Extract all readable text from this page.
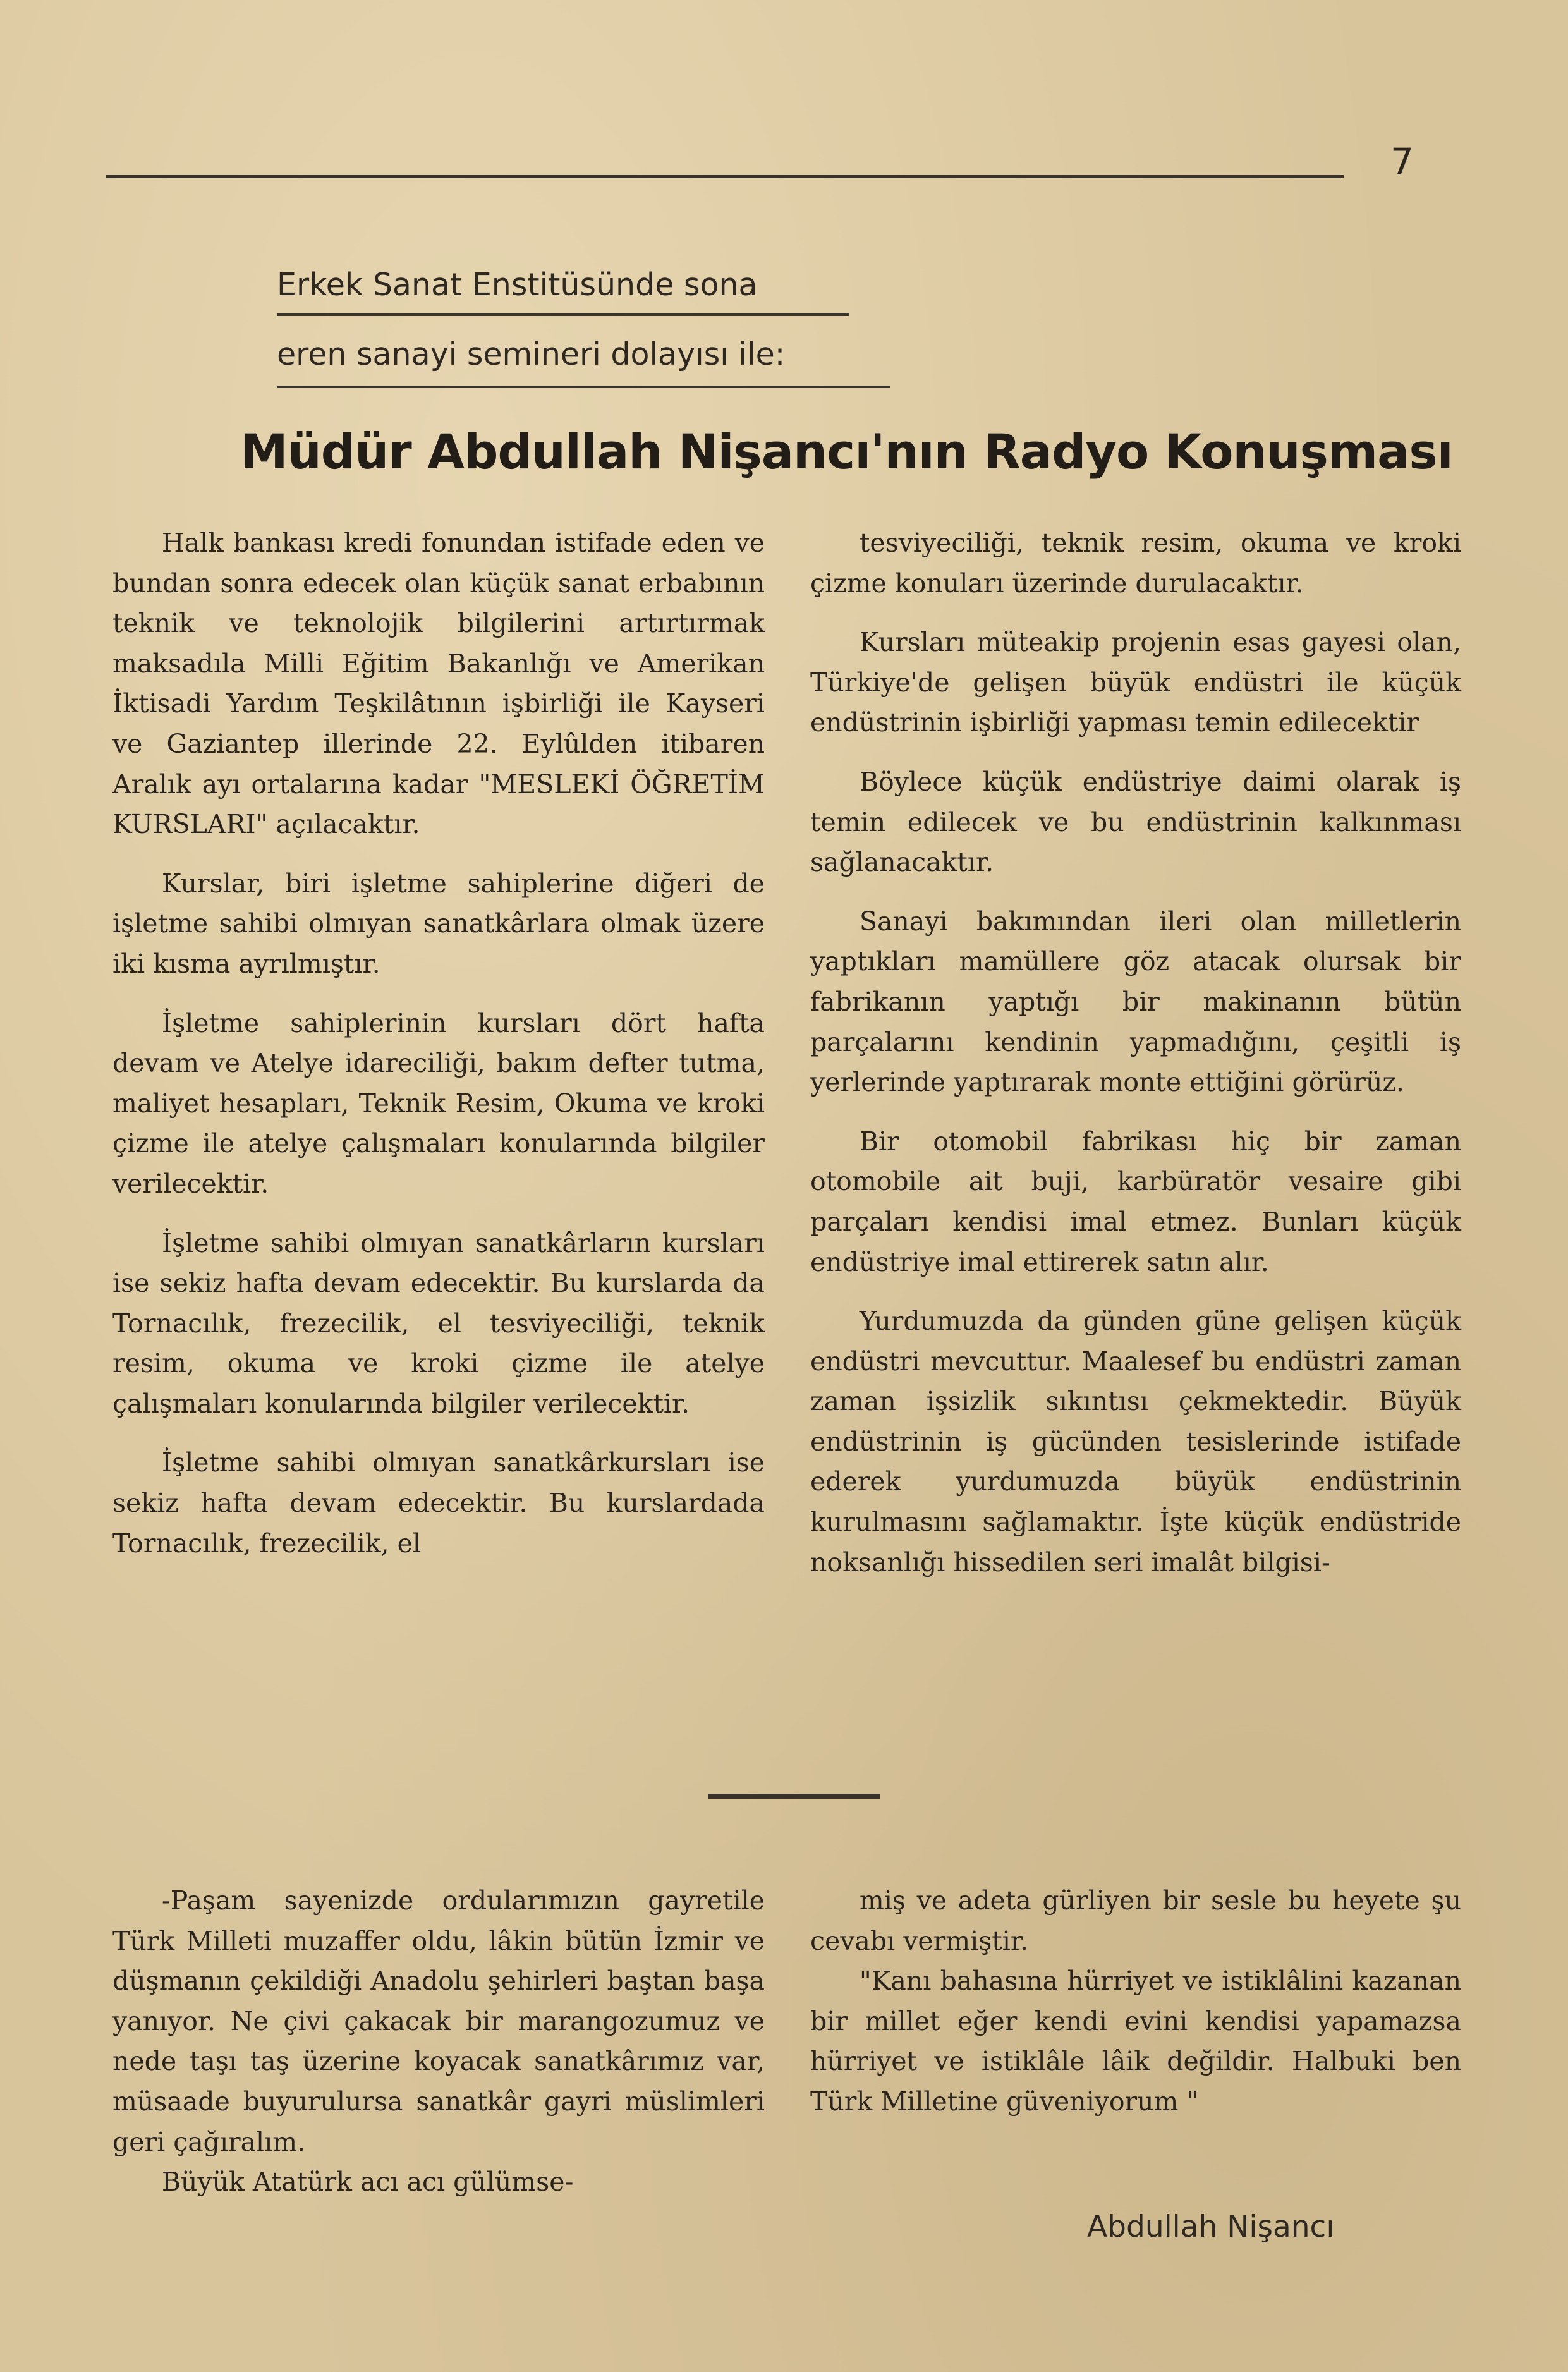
7
Erkek Sanat Enstitüsünde sona
eren sanayi semineri dolayısı ile:
Müdür Abdullah Nişancı'nın Radyo Konuşması

Halk bankası kredi fonundan istifade eden ve bundan sonra edecek olan küçük sanat erbabının teknik ve teknolojik bilgilerini artırtırmak maksadıla Milli Eğitim Bakanlığı ve Amerikan İktisadi Yardım Teşkilâtının işbirliği ile Kayseri ve Gaziantep illerinde 22. Eylûlden itibaren Aralık ayı ortalarına kadar "MESLEKİ ÖĞRETİM KURSLARI" açılacaktır.

Kurslar, biri işletme sahiplerine diğeri de işletme sahibi olmıyan sanatkârlara olmak üzere iki kısma ayrılmıştır.

İşletme sahiplerinin kursları dört hafta devam ve Atelye idareciliği, bakım defter tutma, maliyet hesapları, Teknik Resim, Okuma ve kroki çizme ile atelye çalışmaları konularında bilgiler verilecektir.

İşletme sahibi olmıyan sanatkârların kursları ise sekiz hafta devam edecektir. Bu kurslarda da Tornacılık, frezecilik, el tesviyeciliği, teknik resim, okuma ve kroki çizme ile atelye çalışmaları konularında bilgiler verilecektir.

İşletme sahibi olmıyan sanatkârkursları ise sekiz hafta devam edecektir. Bu kurslardada Tornacılık, frezecilik, el

tesviyeciliği, teknik resim, okuma ve kroki çizme konuları üzerinde durulacaktır.

Kursları müteakip projenin esas gayesi olan, Türkiye'de gelişen büyük endüstri ile küçük endüstrinin işbirliği yapması temin edilecektir

Böylece küçük endüstriye daimi olarak iş temin edilecek ve bu endüstrinin kalkınması sağlanacaktır.

Sanayi bakımından ileri olan milletlerin yaptıkları mamüllere göz atacak olursak bir fabrikanın yaptığı bir makinanın bütün parçalarını kendinin yapmadığını, çeşitli iş yerlerinde yaptırarak monte ettiğini görürüz.

Bir otomobil fabrikası hiç bir zaman otomobile ait buji, karbüratör vesaire gibi parçaları kendisi imal etmez. Bunları küçük endüstriye imal ettirerek satın alır.

Yurdumuzda da günden güne gelişen küçük endüstri mevcuttur. Maalesef bu endüstri zaman zaman işsizlik sıkıntısı çekmektedir. Büyük endüstrinin iş gücünden tesislerinde istifade ederek yurdumuzda büyük endüstrinin kurulmasını sağlamaktır. İşte küçük endüstride noksanlığı hissedilen seri imalât bilgisi-

-Paşam sayenizde ordularımızın gayretile Türk Milleti muzaffer oldu, lâkin bütün İzmir ve düşmanın çekildiği Anadolu şehirleri baştan başa yanıyor. Ne çivi çakacak bir marangozumuz ve nede taşı taş üzerine koyacak sanatkârımız var, müsaade buyurulursa sanatkâr gayri müslimleri geri çağıralım.

Büyük Atatürk acı acı gülümse-

miş ve adeta gürliyen bir sesle bu heyete şu cevabı vermiştir.

"Kanı bahasına hürriyet ve istiklâlini kazanan bir millet eğer kendi evini kendisi yapamazsa hürriyet ve istiklâle lâik değildir. Halbuki ben Türk Milletine güveniyorum "

Abdullah Nişancı
